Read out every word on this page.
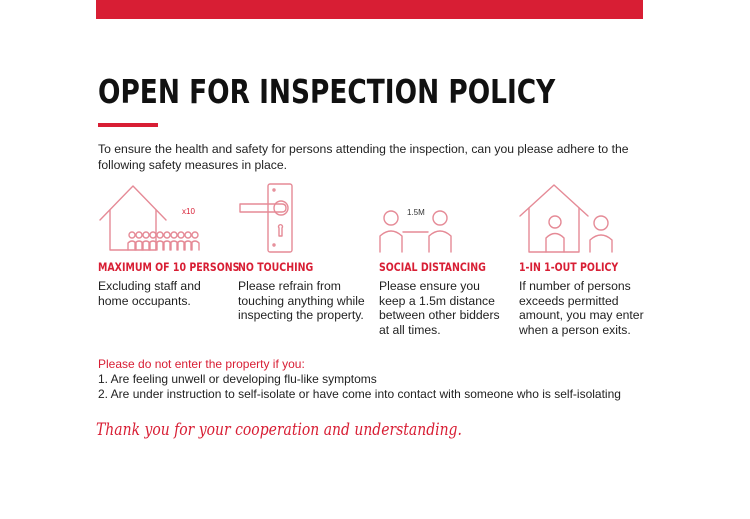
OPEN FOR INSPECTION POLICY

To ensure the health and safety for persons attending the inspection, can you please adhere to the following safety measures in place.

x10
MAXIMUM OF 10 PERSONS

Excluding staff and home occupants.

NO TOUCHING

Please refrain from touching anything while inspecting the property.

1.5M
SOCIAL DISTANCING

Please ensure you keep a 1.5m distance between other bidders at all times.

1-IN 1-OUT POLICY

If number of persons exceeds permitted amount, you may enter when a person exits.

Please do not enter the property if you:

1. Are feeling unwell or developing flu-like symptoms
2. Are under instruction to self-isolate or have come into contact with someone who is self-isolating

Thank you for your cooperation and understanding.
